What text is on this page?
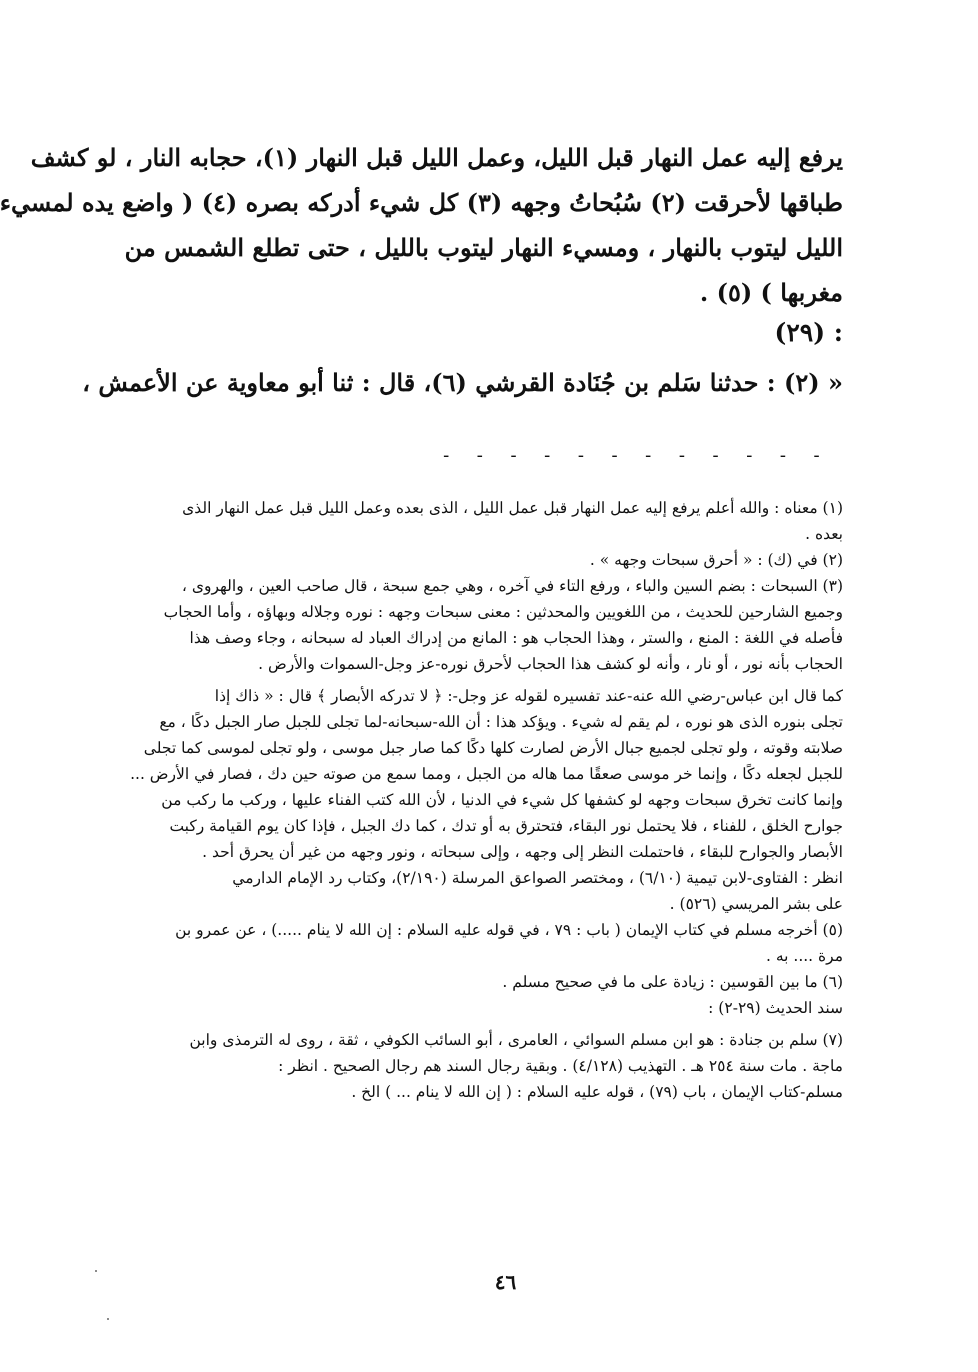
يرفع إليه عمل النهار قبل الليل، وعمل الليل قبل النهار (١)، حجابه النار ، لو كشف
طباقها لأحرقت (٢) سُبُحاتُ وجهه (٣) كل شيء أدركه بصره (٤) ( واضع يده لمسيء
الليل ليتوب بالنهار ، ومسيء النهار ليتوب بالليل ، حتى تطلع الشمس من
مغربها ) (٥) .
: (٢٩)
« (٢) : حدثنا سَلم بن جُنَادة القرشي (٦)، قال : ثنا أبو معاوية عن الأعمش ،
- - - - - - - - - - - -
(١) معناه : والله أعلم يرفع إليه عمل النهار قبل عمل الليل ، الذى بعده وعمل الليل قبل عمل النهار الذى
بعده .
(٢) في (ك) : « أحرق سبحات وجهه » .
(٣) السبحات : بضم السين والباء ، ورفع التاء في آخره ، وهي جمع سبحة ، قال صاحب العين ، والهروى ،
وجميع الشارحين للحديث ، من اللغويين والمحدثين : معنى سبحات وجهه : نوره وجلاله وبهاؤه ، وأما الحجاب
فأصله في اللغة : المنع ، والستر ، وهذا الحجاب هو : المانع من إدراك العباد له سبحانه ، وجاء وصف هذا
الحجاب بأنه نور ، أو نار ، وأنه لو كشف هذا الحجاب لأحرق نوره-عز وجل-السموات والأرض .
كما قال ابن عباس-رضي الله عنه-عند تفسيره لقوله عز وجل-: ﴿ لا تدركه الأبصار ﴾ قال : « ذاك إذا
تجلى بنوره الذى هو نوره ، لم يقم له شيء . ويؤكد هذا : أن الله-سبحانه-لما تجلى للجبل صار الجبل دكًا ، مع
صلابته وقوته ، ولو تجلى لجميع جبال الأرض لصارت كلها دكًا كما صار جبل موسى ، ولو تجلى لموسى كما تجلى
للجبل لجعله دكًا ، وإنما خر موسى صعقًا مما هاله من الجبل ، ومما سمع من صوته حين دك ، فصار في الأرض ...
وإنما كانت تخرق سبحات وجهه لو كشفها كل شيء في الدنيا ، لأن الله كتب الفناء عليها ، وركب ما ركب من
جوارح الخلق ، للفناء ، فلا يحتمل نور البقاء، فتحترق به أو تدك ، كما دك الجبل ، فإذا كان يوم القيامة ركبت
الأبصار والجوارح للبقاء ، فاحتملت النظر إلى وجهه ، وإلى سبحاته ، ونور وجهه من غير أن يحرق أحد .
انظر : الفتاوى-لابن تيمية (٦/١٠) ، ومختصر الصواعق المرسلة (٢/١٩٠)، وكتاب رد الإمام الدارمي
على بشر المريسي (٥٢٦) .
(٥) أخرجه مسلم في كتاب الإيمان ( باب : ٧٩ ، في قوله عليه السلام : إن الله لا ينام .....) ، عن عمرو بن
مرة .... به .
(٦) ما بين القوسين : زيادة على ما في صحيح مسلم .
سند الحديث (٢٩-٢) :
(٧) سلم بن جنادة : هو ابن مسلم السوائي ، العامرى ، أبو السائب الكوفي ، ثقة ، روى له الترمذى وابن
ماجة . مات سنة ٢٥٤ هـ . التهذيب (٤/١٢٨) . وبقية رجال السند هم رجال الصحيح . انظر :
مسلم-كتاب الإيمان ، باب (٧٩) ، قوله عليه السلام : ( إن الله لا ينام ... ) الخ .
٤٦
